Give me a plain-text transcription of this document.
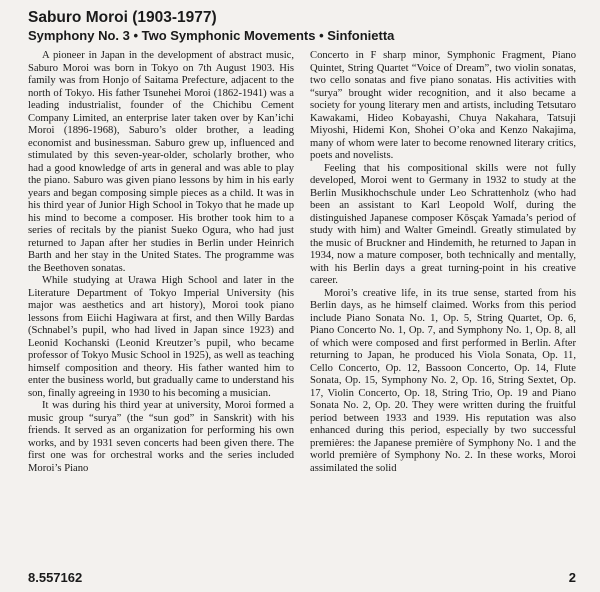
Saburo Moroi (1903-1977)
Symphony No. 3 • Two Symphonic Movements • Sinfonietta

A pioneer in Japan in the development of abstract music, Saburo Moroi was born in Tokyo on 7th August 1903. His family was from Honjo of Saitama Prefecture, adjacent to the north of Tokyo. His father Tsunehei Moroi (1862-1941) was a leading industrialist, founder of the Chichibu Cement Company Limited, an enterprise later taken over by Kan’ichi Moroi (1896-1968), Saburo’s older brother, a leading economist and businessman. Saburo grew up, influenced and stimulated by this seven-year-older, scholarly brother, who had a good knowledge of arts in general and was able to play the piano. Saburo was given piano lessons by him in his early years and began composing simple pieces as a child. It was in his third year of Junior High School in Tokyo that he made up his mind to become a composer. His brother took him to a series of recitals by the pianist Sueko Ogura, who had just returned to Japan after her studies in Berlin under Heinrich Barth and her stay in the United States. The programme was the Beethoven sonatas.

While studying at Urawa High School and later in the Literature Department of Tokyo Imperial University (his major was aesthetics and art history), Moroi took piano lessons from Eiichi Hagiwara at first, and then Willy Bardas (Schnabel’s pupil, who had lived in Japan since 1923) and Leonid Kochanski (Leonid Kreutzer’s pupil, who became professor of Tokyo Music School in 1925), as well as teaching himself composition and theory. His father wanted him to enter the business world, but gradually came to understand his son, finally agreeing in 1930 to his becoming a musician.

It was during his third year at university, Moroi formed a music group “surya” (the “sun god” in Sanskrit) with his friends. It served as an organization for performing his own works, and by 1931 seven concerts had been given there. The first one was for orchestral works and the series included Moroi’s Piano

Concerto in F sharp minor, Symphonic Fragment, Piano Quintet, String Quartet “Voice of Dream”, two violin sonatas, two cello sonatas and five piano sonatas. His activities with “surya” brought wider recognition, and it also became a society for young literary men and artists, including Tetsutaro Kawakami, Hideo Kobayashi, Chuya Nakahara, Tatsuji Miyoshi, Hidemi Kon, Shohei O’oka and Kenzo Nakajima, many of whom were later to become renowned literary critics, poets and novelists.

Feeling that his compositional skills were not fully developed, Moroi went to Germany in 1932 to study at the Berlin Musikhochschule under Leo Schrattenholz (who had been an assistant to Karl Leopold Wolf, during the distinguished Japanese composer Kōsçak Yamada’s period of study with him) and Walter Gmeindl. Greatly stimulated by the music of Bruckner and Hindemith, he returned to Japan in 1934, now a mature composer, both technically and mentally, with his Berlin days a great turning-point in his creative career.

Moroi’s creative life, in its true sense, started from his Berlin days, as he himself claimed. Works from this period include Piano Sonata No. 1, Op. 5, String Quartet, Op. 6, Piano Concerto No. 1, Op. 7, and Symphony No. 1, Op. 8, all of which were composed and first performed in Berlin. After returning to Japan, he produced his Viola Sonata, Op. 11, Cello Concerto, Op. 12, Bassoon Concerto, Op. 14, Flute Sonata, Op. 15, Symphony No. 2, Op. 16, String Sextet, Op. 17, Violin Concerto, Op. 18, String Trio, Op. 19 and Piano Sonata No. 2, Op. 20. They were written during the fruitful period between 1933 and 1939. His reputation was also enhanced during this period, especially by two successful premières: the Japanese première of Symphony No. 1 and the world première of Symphony No. 2. In these works, Moroi assimilated the solid

8.557162	2
